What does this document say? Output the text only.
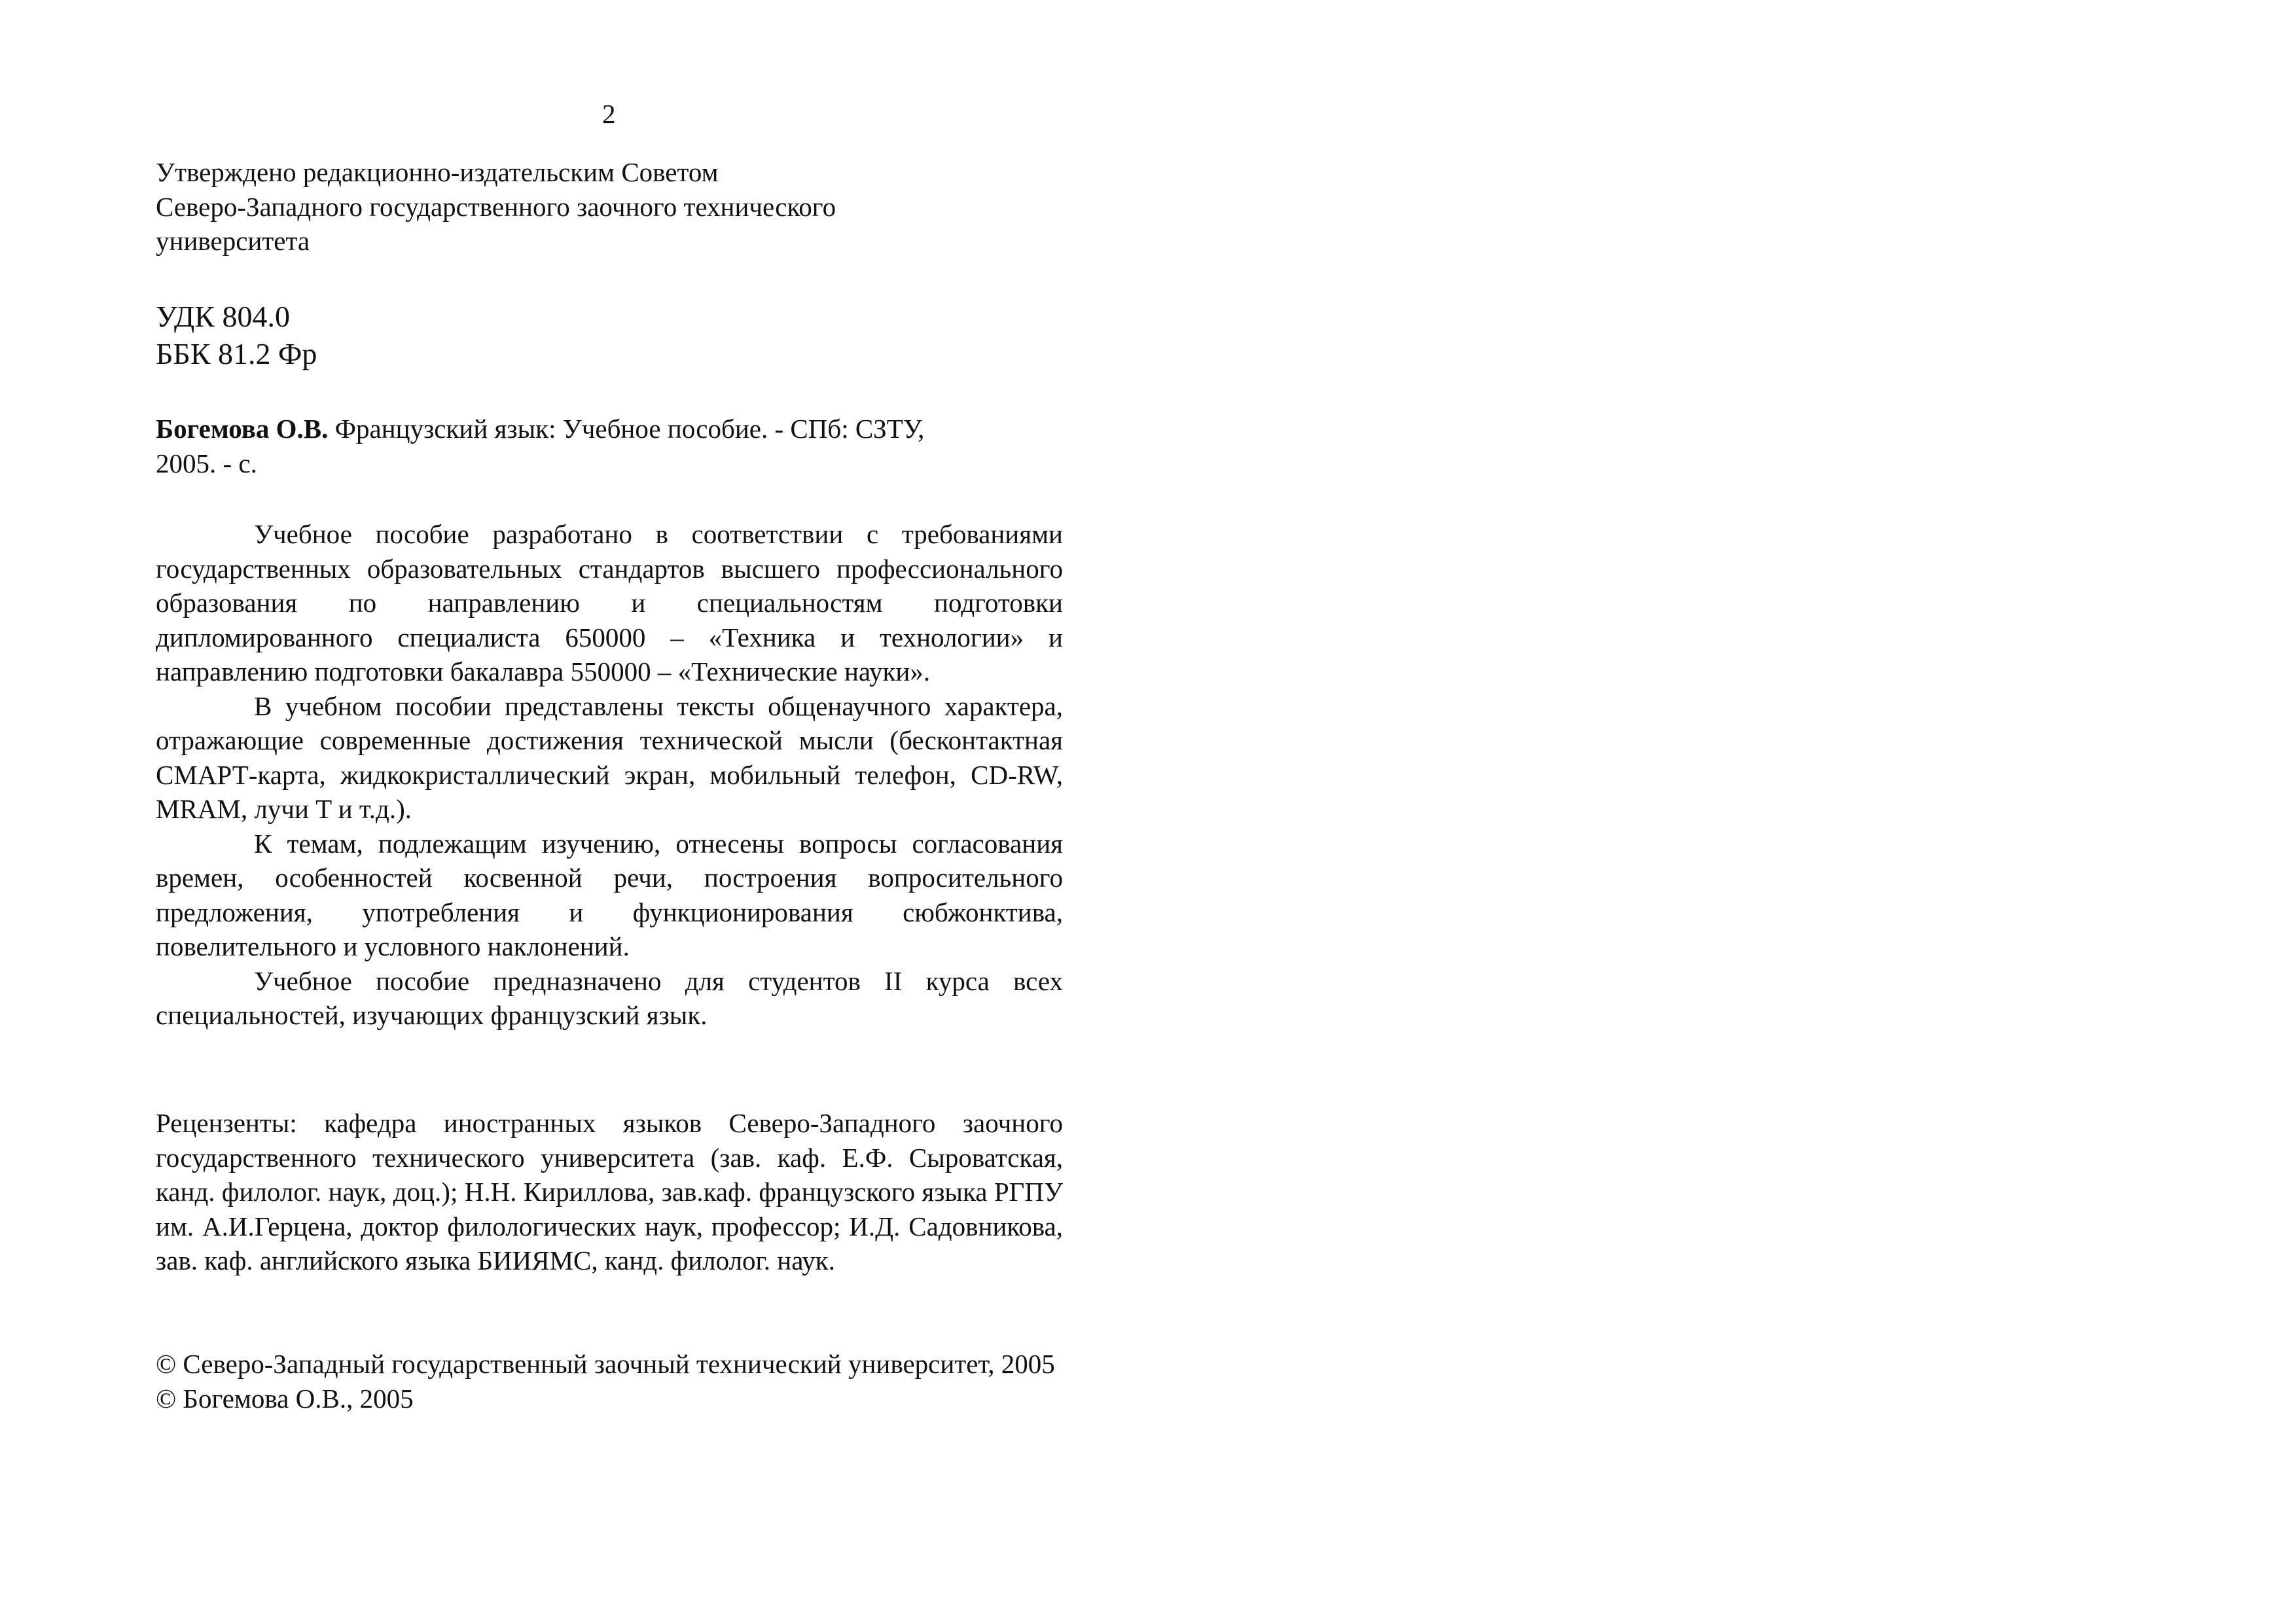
2
Утверждено редакционно-издательским Советом
Северо-Западного государственного заочного технического
университета
УДК 804.0
ББК 81.2 Фр
Богемова О.В. Французский язык: Учебное пособие. - СПб: СЗТУ,
2005. - с.

Учебное пособие разработано в соответствии с требованиями государственных образовательных стандартов высшего профессионального образования по направлению и специальностям подготовки дипломированного специалиста 650000 – «Техника и технологии» и направлению подготовки бакалавра 550000 – «Технические науки».

В учебном пособии представлены тексты общенаучного характера, отражающие современные достижения технической мысли (бесконтактная СМАРТ-карта, жидкокристаллический экран, мобильный телефон, CD-RW, MRAM, лучи T и т.д.).

К темам, подлежащим изучению, отнесены вопросы согласования времен, особенностей косвенной речи, построения вопросительного предложения, употребления и функционирования сюбжонктива, повелительного и условного наклонений.

Учебное пособие предназначено для студентов II курса всех специальностей, изучающих французский язык.

Рецензенты: кафедра иностранных языков Северо-Западного заочного государственного технического университета (зав. каф. Е.Ф. Сыроватская, канд. филолог. наук, доц.); Н.Н. Кириллова, зав.каф. французского языка РГПУ им. А.И.Герцена, доктор филологических наук, профессор; И.Д. Садовникова, зав. каф. английского языка БИИЯМС, канд. филолог. наук.
© Северо-Западный государственный заочный технический университет, 2005
© Богемова О.В., 2005
